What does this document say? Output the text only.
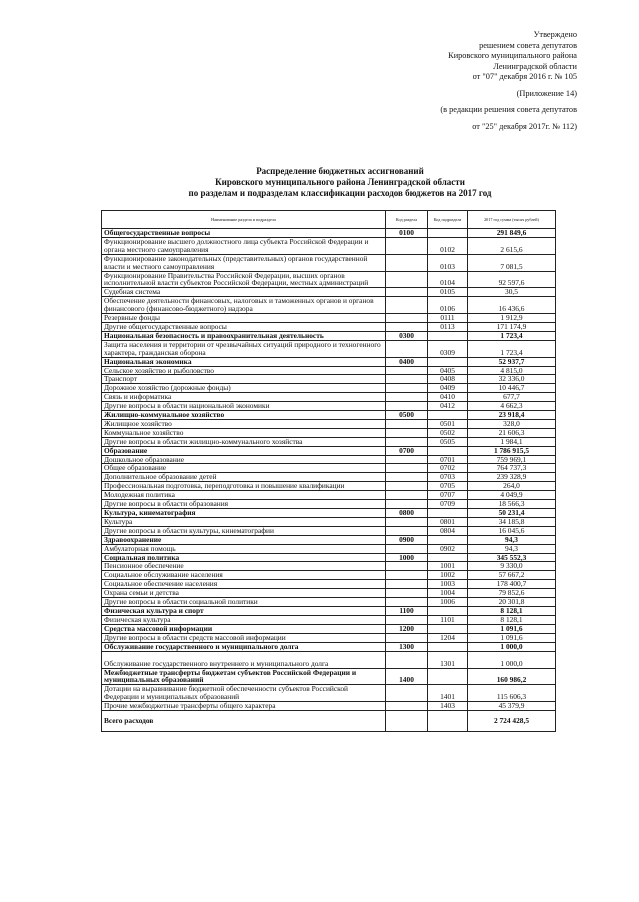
Утверждено
решением совета депутатов
Кировского муниципального района
Ленинградской области
от "07" декабря 2016 г. № 105
(Приложение 14)
(в редакции решения совета депутатов
от "25" декабря 2017г. № 112)
Распределение бюджетных ассигнований
Кировского муниципального района Ленинградской области
по разделам и подразделам классификации расходов бюджетов на 2017 год
Наименование раздела и подраздела	Код раздела	Код подраздела	2017 год сумма (тысяч рублей)
Общегосударственные вопросы	0100		291 849,6
Функционирование высшего должностного лица субъекта Российской Федерации и органа местного самоуправления		0102	2 615,6
Функционирование законодательных (представительных) органов государственной власти и местного самоуправления		0103	7 081,5
Функционирование Правительства Российской Федерации, высших органов исполнительной власти субъектов Российской Федерации, местных администраций		0104	92 597,6
Судебная система		0105	30,5
Обеспечение деятельности финансовых, налоговых и таможенных органов и органов финансового (финансово-бюджетного) надзора		0106	16 436,6
Резервные фонды		0111	1 912,9
Другие общегосударственные вопросы		0113	171 174,9
Национальная безопасность и правоохранительная деятельность	0300		1 723,4
Защита населения и территории от чрезвычайных ситуаций природного и техногенного характера, гражданская оборона		0309	1 723,4
Национальная экономика	0400		52 937,7
Сельское хозяйство и рыболовство		0405	4 815,0
Транспорт		0408	32 336,0
Дорожное хозяйство (дорожные фонды)		0409	10 446,7
Связь и информатика		0410	677,7
Другие вопросы в области национальной экономики		0412	4 662,3
Жилищно-коммунальное хозяйство	0500		23 918,4
Жилищное хозяйство		0501	328,0
Коммунальное хозяйство		0502	21 606,3
Другие вопросы в области жилищно-коммунального хозяйства		0505	1 984,1
Образование	0700		1 786 915,5
Дошкольное образование		0701	759 969,1
Общее образование		0702	764 737,3
Дополнительное образование детей		0703	239 328,9
Профессиональная подготовка, переподготовка и повышение квалификации		0705	264,0
Молодежная политика		0707	4 049,9
Другие вопросы в области образования		0709	18 566,3
Культура, кинематография	0800		50 231,4
Культура		0801	34 185,8
Другие вопросы в области культуры, кинематографии		0804	16 045,6
Здравоохранение	0900		94,3
Амбулаторная помощь		0902	94,3
Социальная политика	1000		345 552,3
Пенсионное обеспечение		1001	9 330,0
Социальное обслуживание населения		1002	57 667,2
Социальное обеспечение населения		1003	178 400,7
Охрана семьи и детства		1004	79 852,6
Другие вопросы в области социальной политики		1006	20 301,8
Физическая культура и спорт	1100		8 128,1
Физическая культура		1101	8 128,1
Средства массовой информации	1200		1 091,6
Другие вопросы в области средств массовой информации		1204	1 091,6
Обслуживание государственного и муниципального долга	1300		1 000,0
Обслуживание государственного внутреннего и муниципального долга		1301	1 000,0
Межбюджетные трансферты бюджетам субъектов Российской Федерации и муниципальных образований	1400		160 986,2
Дотации на выравнивание бюджетной обеспеченности субъектов Российской Федерации и муниципальных образований		1401	115 606,3
Прочие межбюджетные трансферты общего характера		1403	45 379,9
Всего расходов			2 724 428,5
